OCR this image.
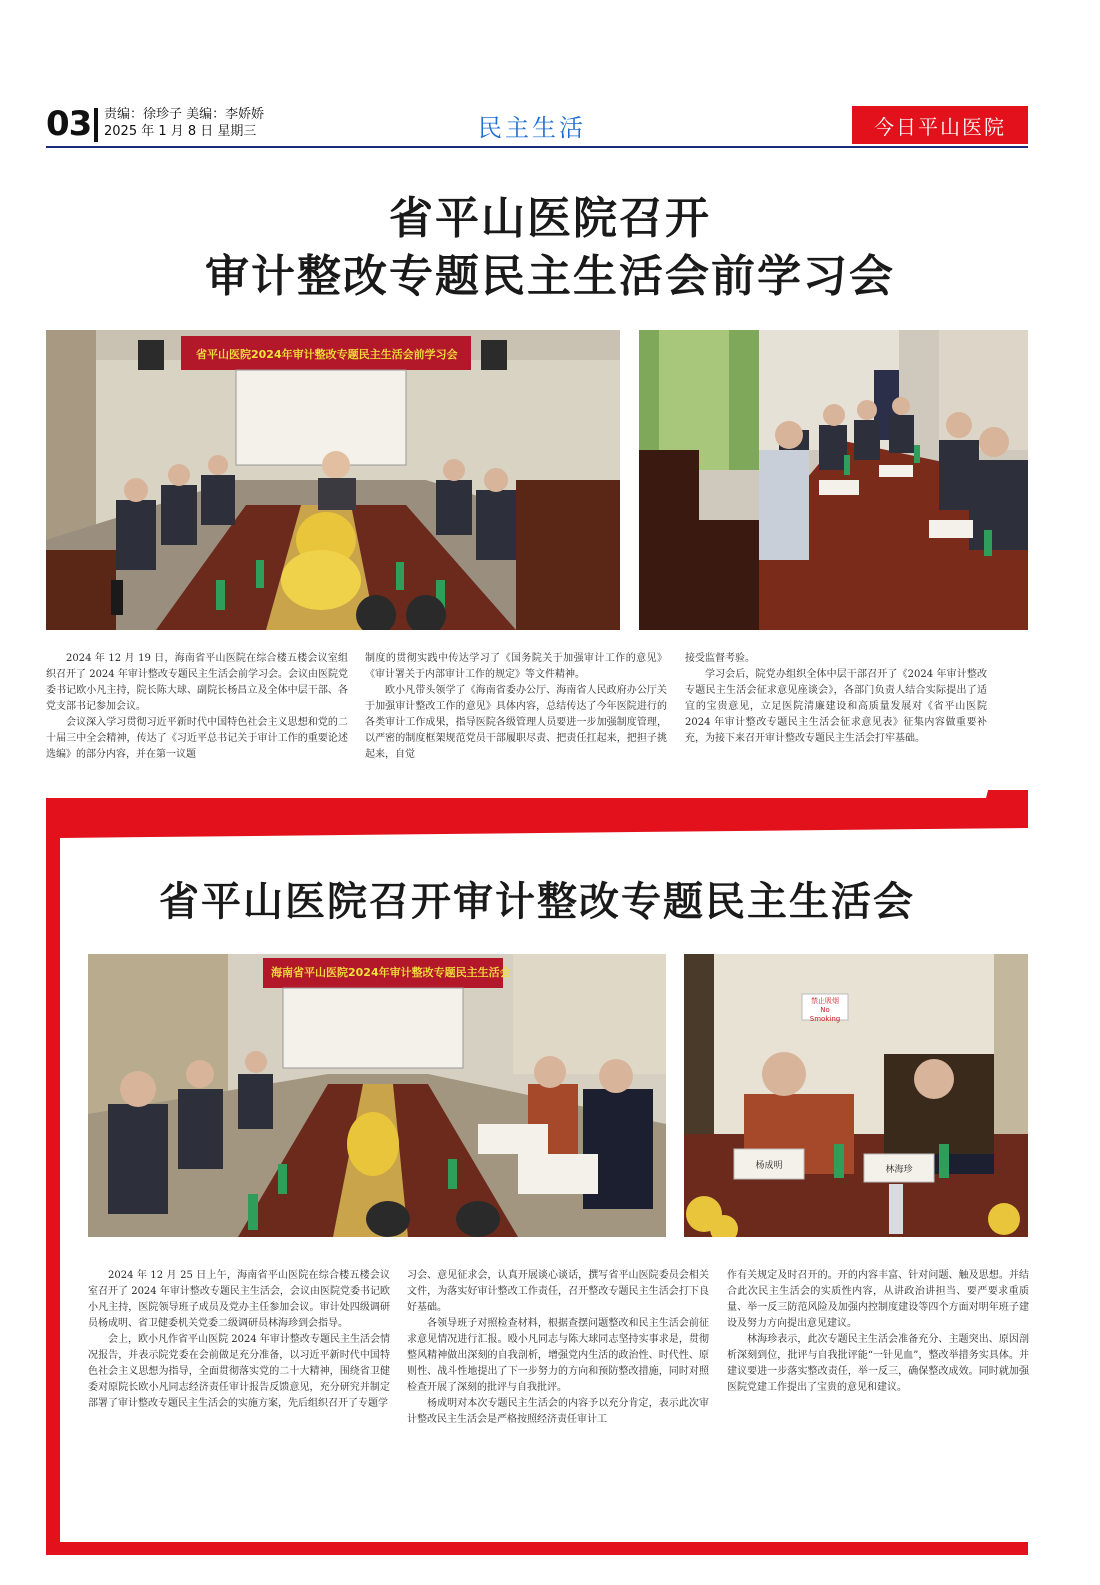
03 责编：徐珍子 美编：李娇娇
2025 年 1 月 8 日 星期三	民主生活	今日平山医院
省平山医院召开
审计整改专题民主生活会前学习会
省平山医院2024年审计整改专题民主生活会前学习会

2024 年 12 月 19 日，海南省平山医院在综合楼五楼会议室组织召开了 2024 年审计整改专题民主生活会前学习会。会议由医院党委书记欧小凡主持，院长陈大球、副院长杨昌立及全体中层干部、各党支部书记参加会议。

会议深入学习贯彻习近平新时代中国特色社会主义思想和党的二十届三中全会精神，传达了《习近平总书记关于审计工作的重要论述选编》的部分内容，并在第一议题

制度的贯彻实践中传达学习了《国务院关于加强审计工作的意见》《审计署关于内部审计工作的规定》等文件精神。

欧小凡带头领学了《海南省委办公厅、海南省人民政府办公厅关于加强审计整改工作的意见》具体内容，总结传达了今年医院进行的各类审计工作成果，指导医院各级管理人员要进一步加强制度管理，以严密的制度框架规范党员干部履职尽责、把责任扛起来，把担子挑起来，自觉

接受监督考验。

学习会后，院党办组织全体中层干部召开了《2024 年审计整改专题民主生活会征求意见座谈会》，各部门负责人结合实际提出了适宜的宝贵意见，立足医院清廉建设和高质量发展对《省平山医院 2024 年审计整改专题民主生活会征求意见表》征集内容做重要补充，为接下来召开审计整改专题民主生活会打牢基础。

省平山医院召开审计整改专题民主生活会
海南省平山医院2024年审计整改专题民主生活会
禁止吸烟
No Smoking
杨成明	林海珍

2024 年 12 月 25 日上午，海南省平山医院在综合楼五楼会议室召开了 2024 年审计整改专题民主生活会，会议由医院党委书记欧小凡主持，医院领导班子成员及党办主任参加会议。审计处四级调研员杨成明、省卫健委机关党委二级调研员林海珍到会指导。

会上，欧小凡作省平山医院 2024 年审计整改专题民主生活会情况报告，并表示院党委在会前做足充分准备，以习近平新时代中国特色社会主义思想为指导，全面贯彻落实党的二十大精神，围绕省卫健委对原院长欧小凡同志经济责任审计报告反馈意见，充分研究并制定部署了审计整改专题民主生活会的实施方案，先后组织召开了专题学

习会、意见征求会，认真开展谈心谈话，撰写省平山医院委员会相关文件，为落实好审计整改工作责任，召开整改专题民主生活会打下良好基础。

各领导班子对照检查材料，根据查摆问题整改和民主生活会前征求意见情况进行汇报。殴小凡同志与陈大球同志坚持实事求是，贯彻整风精神做出深刻的自我剖析，增强党内生活的政治性、时代性、原则性、战斗性地提出了下一步努力的方向和预防整改措施，同时对照检查开展了深刻的批评与自我批评。

杨成明对本次专题民主生活会的内容予以充分肯定，表示此次审计整改民主生活会是严格按照经济责任审计工

作有关规定及时召开的。开的内容丰富、针对问题、触及思想。并结合此次民主生活会的实质性内容，从讲政治讲担当、要严要求重质量、举一反三防范风险及加强内控制度建设等四个方面对明年班子建设及努力方向提出意见建议。

林海珍表示，此次专题民主生活会准备充分、主题突出、原因剖析深刻到位，批评与自我批评能“一针见血”，整改举措务实具体。并建议要进一步落实整改责任，举一反三，确保整改成效。同时就加强医院党建工作提出了宝贵的意见和建议。
